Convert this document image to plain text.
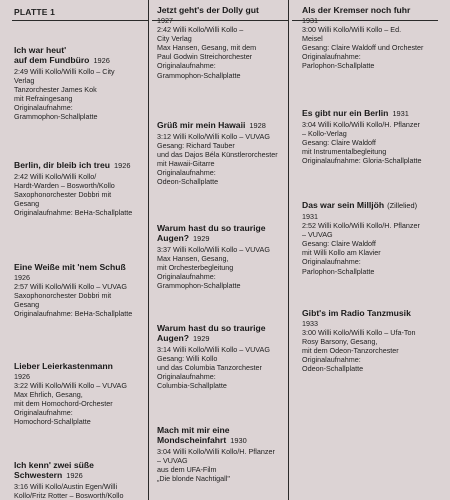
PLATTE 1
Ich war heut'
auf dem Fundbüro 1926
2:49 Willi Kollo/Willi Kollo – City
Verlag
Tanzorchester James Kok
mit Refraingesang
Originalaufnahme:
Grammophon-Schallplatte
Berlin, dir bleib ich treu 1926
2:42 Willi Kollo/Willi Kollo/
Hardt-Warden – Bosworth/Kollo
Saxophonorchester Dobbri mit
Gesang
Originalaufnahme: BeHa-Schallplatte
Eine Weiße mit 'nem Schuß
1926
2:57 Willi Kollo/Willi Kollo – VUVAG
Saxophonorchester Dobbri mit
Gesang
Originalaufnahme: BeHa-Schallplatte
Lieber Leierkastenmann
1926
3:22 Willi Kollo/Willi Kollo – VUVAG
Max Ehrlich, Gesang,
mit dem Homochord-Orchester
Originalaufnahme:
Homochord-Schallplatte
Ich kenn' zwei süße
Schwestern 1926
3:16 Willi Kollo/Austin Egen/Willi
Kollo/Fritz Rotter – Bosworth/Kollo
Jetzt geht's der Dolly gut
1927
2:42 Willi Kollo/Willi Kollo –
City Verlag
Max Hansen, Gesang, mit dem
Paul Godwin Streichorchester
Originalaufnahme:
Grammophon-Schallplatte
Grüß mir mein Hawaii 1928
3:12 Willi Kollo/Willi Kollo – VUVAG
Gesang: Richard Tauber
und das Dajos Béla Künstlerorchester
mit Hawaii-Gitarre
Originalaufnahme:
Odeon-Schallplatte
Warum hast du so traurige
Augen? 1929
3:37 Willi Kollo/Willi Kollo – VUVAG
Max Hansen, Gesang,
mit Orchesterbegleitung
Originalaufnahme:
Grammophon-Schallplatte
Warum hast du so traurige
Augen? 1929
3:14 Willi Kollo/Willi Kollo – VUVAG
Gesang: Willi Kollo
und das Columbia Tanzorchester
Originalaufnahme:
Columbia-Schallplatte
Mach mit mir eine
Mondscheinfahrt 1930
3:04 Willi Kollo/Willi Kollo/H. Pflanzer
– VUVAG
aus dem UFA-Film
„Die blonde Nachtigall"
Als der Kremser noch fuhr
1931
3:00 Willi Kollo/Willi Kollo – Ed.
Meisel
Gesang: Claire Waldoff und Orchester
Originalaufnahme:
Parlophon-Schallplatte
Es gibt nur ein Berlin 1931
3:04 Willi Kollo/Willi Kollo/H. Pflanzer
– Kollo-Verlag
Gesang: Claire Waldoff
mit Instrumentalbegleitung
Originalaufnahme: Gloria-Schallplatte
Das war sein Milljöh (Zillelied)
1931
2:52 Willi Kollo/Willi Kollo/H. Pflanzer
– VUVAG
Gesang: Claire Waldoff
mit Willi Kollo am Klavier
Originalaufnahme:
Parlophon-Schallplatte
Gibt's im Radio Tanzmusik
1933
3:00 Willi Kollo/Willi Kollo – Ufa-Ton
Rosy Barsony, Gesang,
mit dem Odeon-Tanzorchester
Originalaufnahme:
Odeon-Schallplatte
